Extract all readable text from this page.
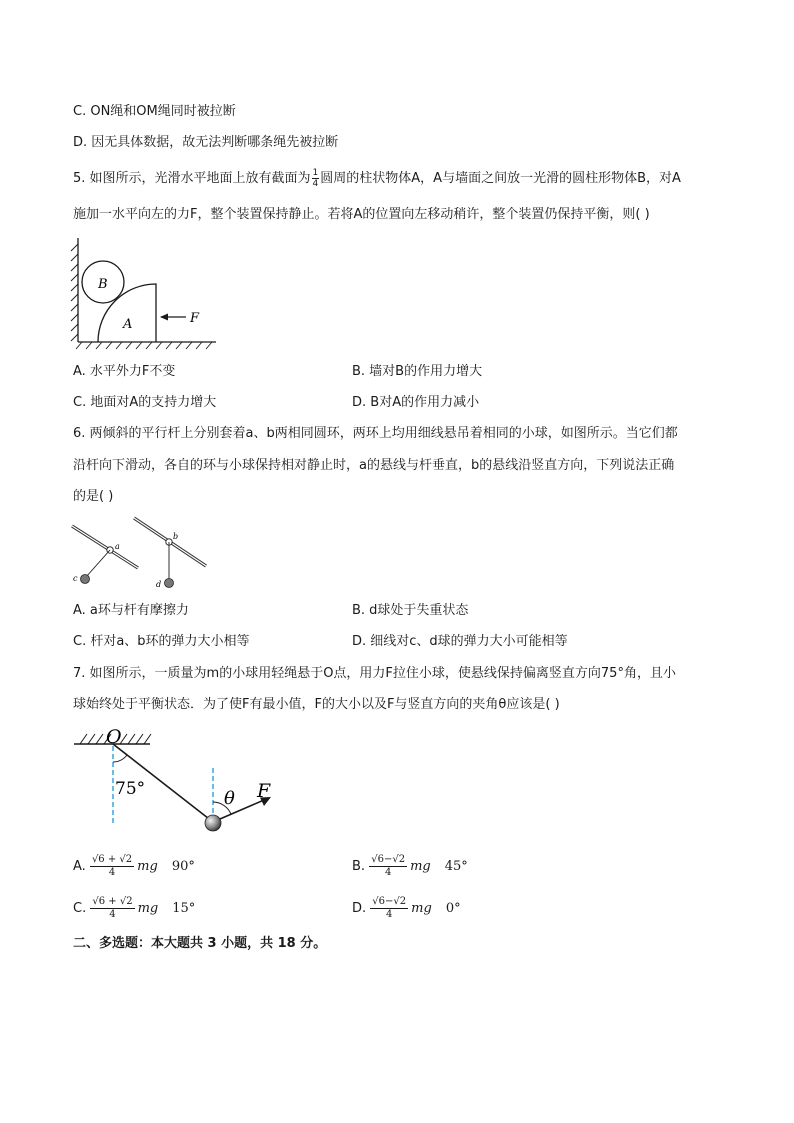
C. ON绳和OM绳同时被拉断
D. 因无具体数据，故无法判断哪条绳先被拉断
5. 如图所示，光滑水平地面上放有截面为 $\frac{1}{4}$ 圆周的柱状物体A，A与墙面之间放一光滑的圆柱形物体B，对A
施加一水平向左的力F，整个装置保持静止。若将A的位置向左移动稍许，整个装置仍保持平衡，则( )
B
A	F
A. 水平外力F不变	B. 墙对B的作用力增大
C. 地面对A的支持力增大	D. B对A的作用力减小
6. 两倾斜的平行杆上分别套着a、b两相同圆环，两环上均用细线悬吊着相同的小球，如图所示。当它们都
沿杆向下滑动，各自的环与小球保持相对静止时，a的悬线与杆垂直，b的悬线沿竖直方向，下列说法正确
的是( )
a
b
c
d
A. a环与杆有摩擦力	B. d球处于失重状态
C. 杆对a、b环的弹力大小相等	D. 细线对c、d球的弹力大小可能相等
7. 如图所示，一质量为m的小球用轻绳悬于O点，用力F拉住小球，使悬线保持偏离竖直方向75°角，且小
球始终处于平衡状态．为了使F有最小值，F的大小以及F与竖直方向的夹角θ应该是( )
O
75°	θ F
A. $\frac{√6 + √2}{4}$ mg 90°	B. $\frac{√6-√2}{4}$ mg 45°
C. $\frac{√6 + √2}{4}$ mg 15°	D. $\frac{√6-√2}{4}$ mg 0°
二、多选题：本大题共 3 小题，共 18 分。
